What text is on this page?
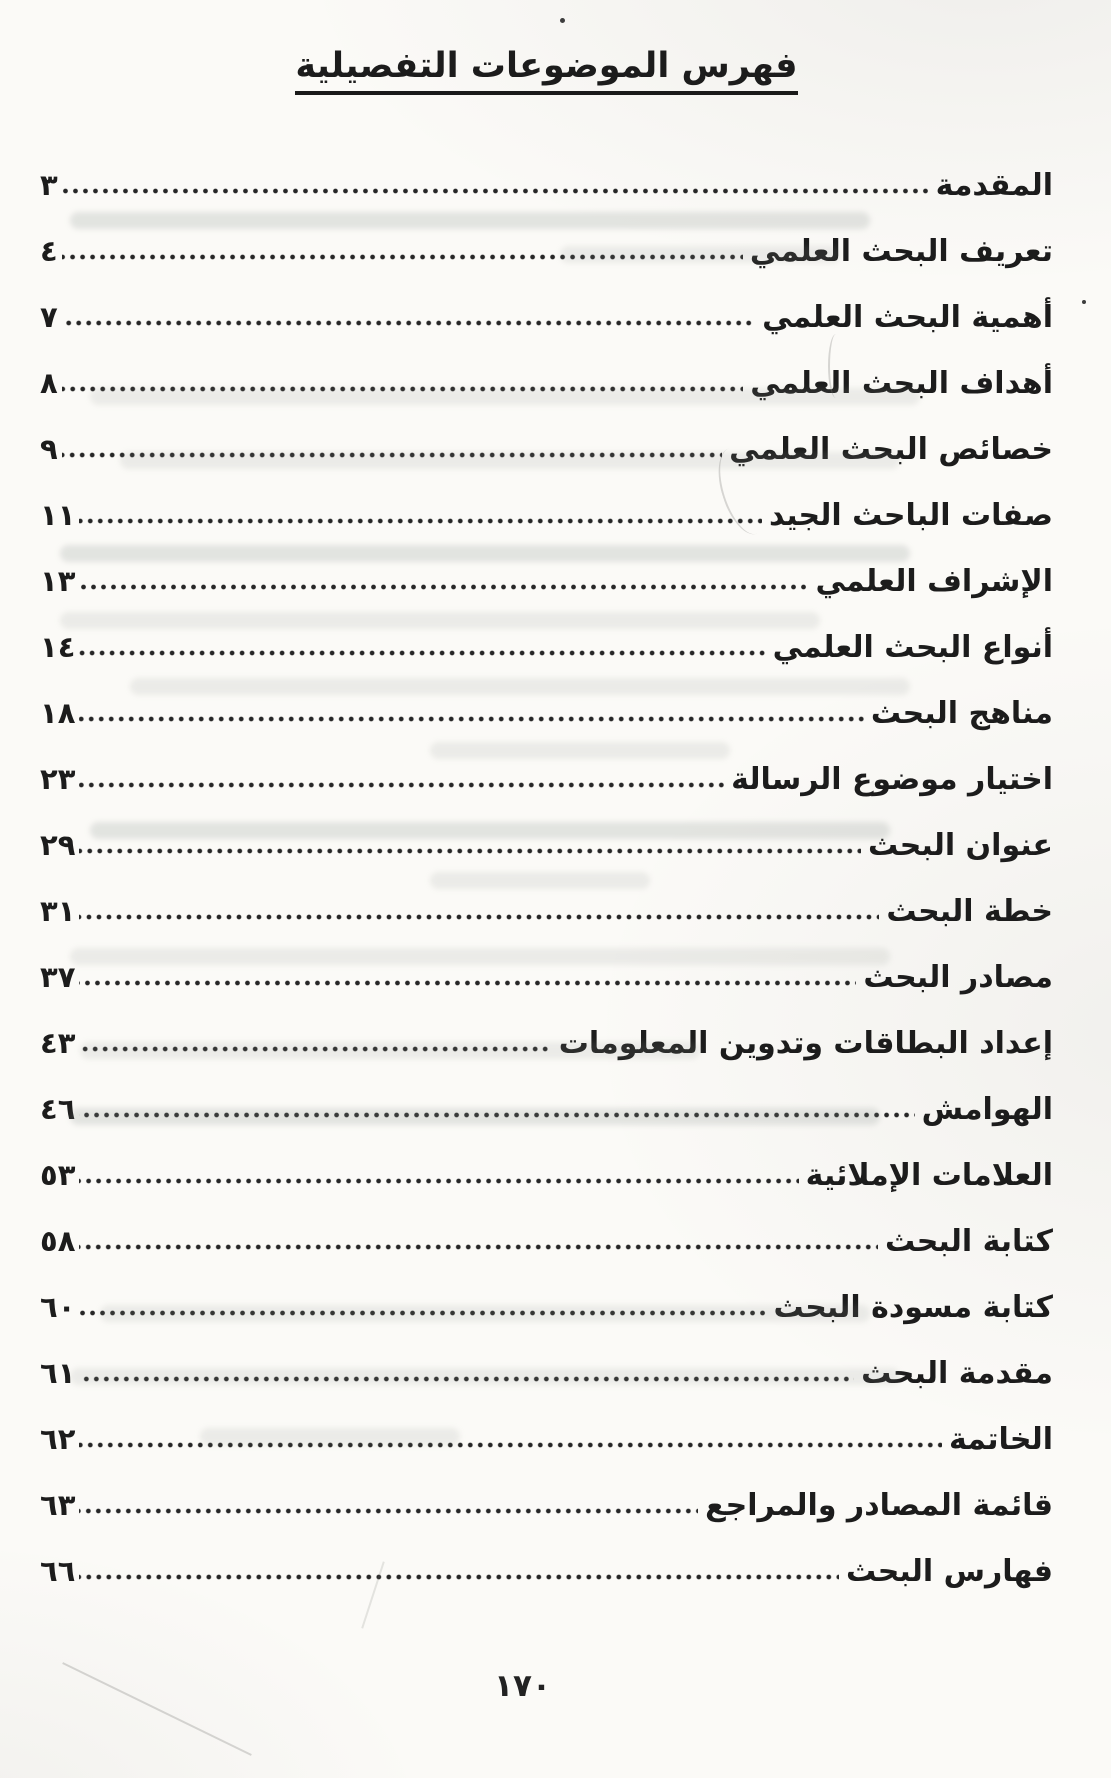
فهرس الموضوعات التفصيلية
المقدمة
٣
تعريف البحث العلمي
٤
أهمية البحث العلمي
٧
أهداف البحث العلمي
٨
خصائص البحث العلمي
٩
صفات الباحث الجيد
١١
الإشراف العلمي
١٣
أنواع البحث العلمي
١٤
مناهج البحث
١٨
اختيار موضوع الرسالة
٢٣
عنوان البحث
٢٩
خطة البحث
٣١
مصادر البحث
٣٧
إعداد البطاقات وتدوين المعلومات
٤٣
الهوامش
٤٦
العلامات الإملائية
٥٣
كتابة البحث
٥٨
كتابة مسودة البحث
٦٠
مقدمة البحث
٦١
الخاتمة
٦٢
قائمة المصادر والمراجع
٦٣
فهارس البحث
٦٦
١٧٠
